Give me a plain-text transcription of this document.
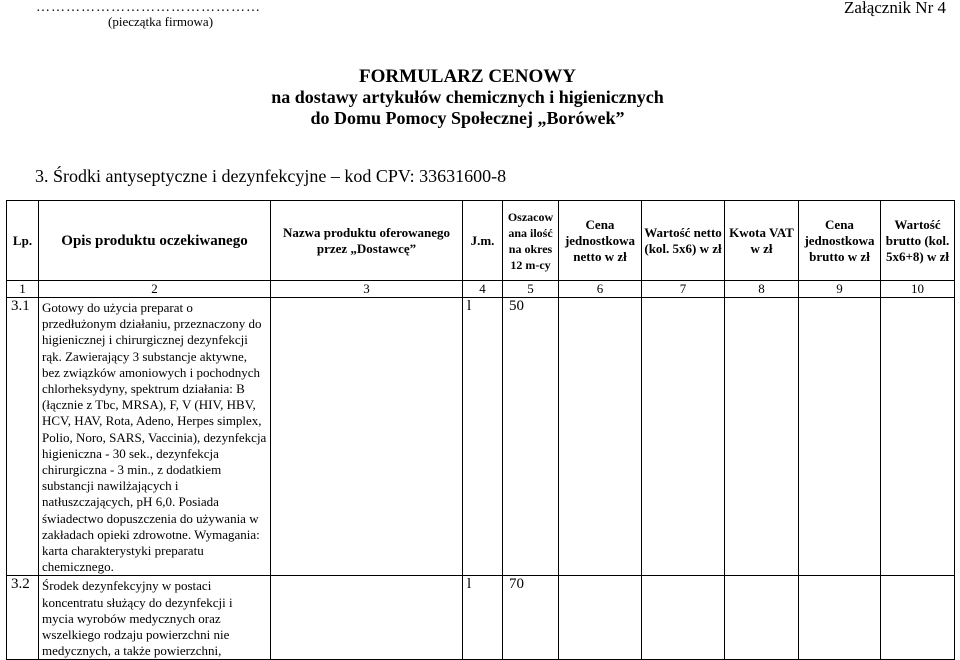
………………………………………
(pieczątka firmowa)
Załącznik Nr 4
FORMULARZ CENOWY
na dostawy artykułów chemicznych i higienicznych
do Domu Pomocy Społecznej „Borówek”
3. Środki antyseptyczne i dezynfekcyjne – kod CPV: 33631600-8
Lp.	Opis produktu oczekiwanego	Nazwa produktu oferowanego przez „Dostawcę”	J.m.	Oszacow ana ilość na okres 12 m-cy	Cena jednostkowa netto w zł	Wartość netto (kol. 5x6) w zł	Kwota VAT w zł	Cena jednostkowa brutto w zł	Wartość brutto (kol. 5x6+8) w zł
1	2	3	4	5	6	7	8	9	10
3.1	Gotowy do użycia preparat o przedłużonym działaniu, przeznaczony do higienicznej i chirurgicznej dezynfekcji rąk. Zawierający 3 substancje aktywne, bez związków amoniowych i pochodnych chlorheksydyny, spektrum działania: B (łącznie z Tbc, MRSA), F, V (HIV, HBV, HCV, HAV, Rota, Adeno, Herpes simplex, Polio, Noro, SARS, Vaccinia), dezynfekcja higieniczna - 30 sek., dezynfekcja chirurgiczna - 3 min., z dodatkiem substancji nawilżających i natłuszczających, pH 6,0. Posiada świadectwo dopuszczenia do używania w zakładach opieki zdrowotne. Wymagania: karta charakterystyki preparatu chemicznego.		l	50					
3.2	Środek dezynfekcyjny w postaci koncentratu służący do dezynfekcji i mycia wyrobów medycznych oraz wszelkiego rodzaju powierzchni nie medycznych, a także powierzchni,		l	70					
